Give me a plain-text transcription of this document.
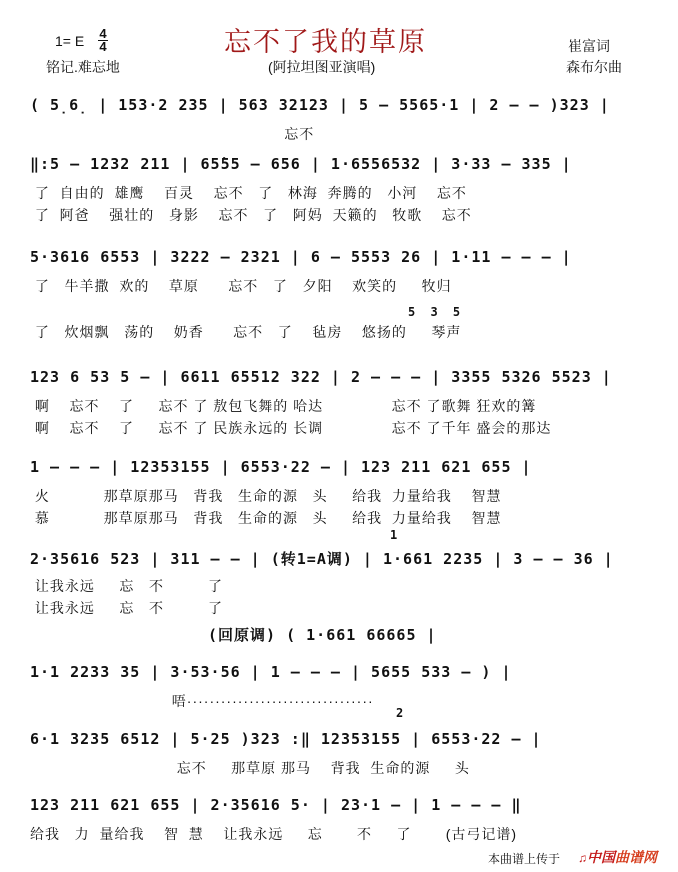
1= E 4
4	忘不了我的草原
(阿拉坦图亚演唱)
崔富词
森布尔曲
铭记.难忘地
( 5̣6̣ | 153·2 235 | 563 32123 | 5 – 5565·1 | 2 – – )323 |
忘不
‖:5 – 1232 211 | 65̇55 – 656 | 1·6556532 | 3·33 – 335 |
了  自由的  雄鹰    百灵    忘不   了   林海  奔腾的   小河    忘不
了  阿爸    强壮的   身影    忘不   了   阿妈  天籁的   牧歌    忘不
5·3616 6553 | 3222 – 2321 | 6 – 5553 26 | 1·11 – – – |
了   牛羊撒  欢的    草原      忘不   了   夕阳    欢笑的     牧归
5 3 5
了   炊烟飘   荡的    奶香      忘不   了    毡房    悠扬的     琴声
123 6 53 5 – | 6611 65512 322 | 2 – – – | 3355 5326 5523 |
啊    忘不    了     忘不 了 敖包飞舞的 哈达              忘不 了歌舞 狂欢的篝
啊    忘不    了     忘不 了 民族永远的 长调              忘不 了千年 盛会的那达
1 – – – | 12353155 | 6553·22 – | 123 211 621 655 |
火           那草原那马   背我   生命的源   头     给我  力量给我    智慧
慕           那草原那马   背我   生命的源   头     给我  力量给我    智慧
1
2·35616 523 | 311 – – | (转1=A调) | 1·661 2235 | 3 – – 36 |
让我永远     忘   不         了
让我永远     忘   不         了
(回原调) ( 1·661 66665 |
1·1 2233 35 | 3·53·56 | 1 – – – | 5655 533 – ) |
唔·································
2
6·1 3235 6512 | 5·25 )323 :‖ 12353155 | 6553·22 – |
忘不     那草原 那马    背我  生命的源     头
123 211 621 655 | 2·35616 5· | 23·1 – | 1 – – – ‖
给我   力  量给我    智  慧    让我永远     忘       不     了       (古弓记谱)
本曲谱上传于 ♫中国曲谱网
